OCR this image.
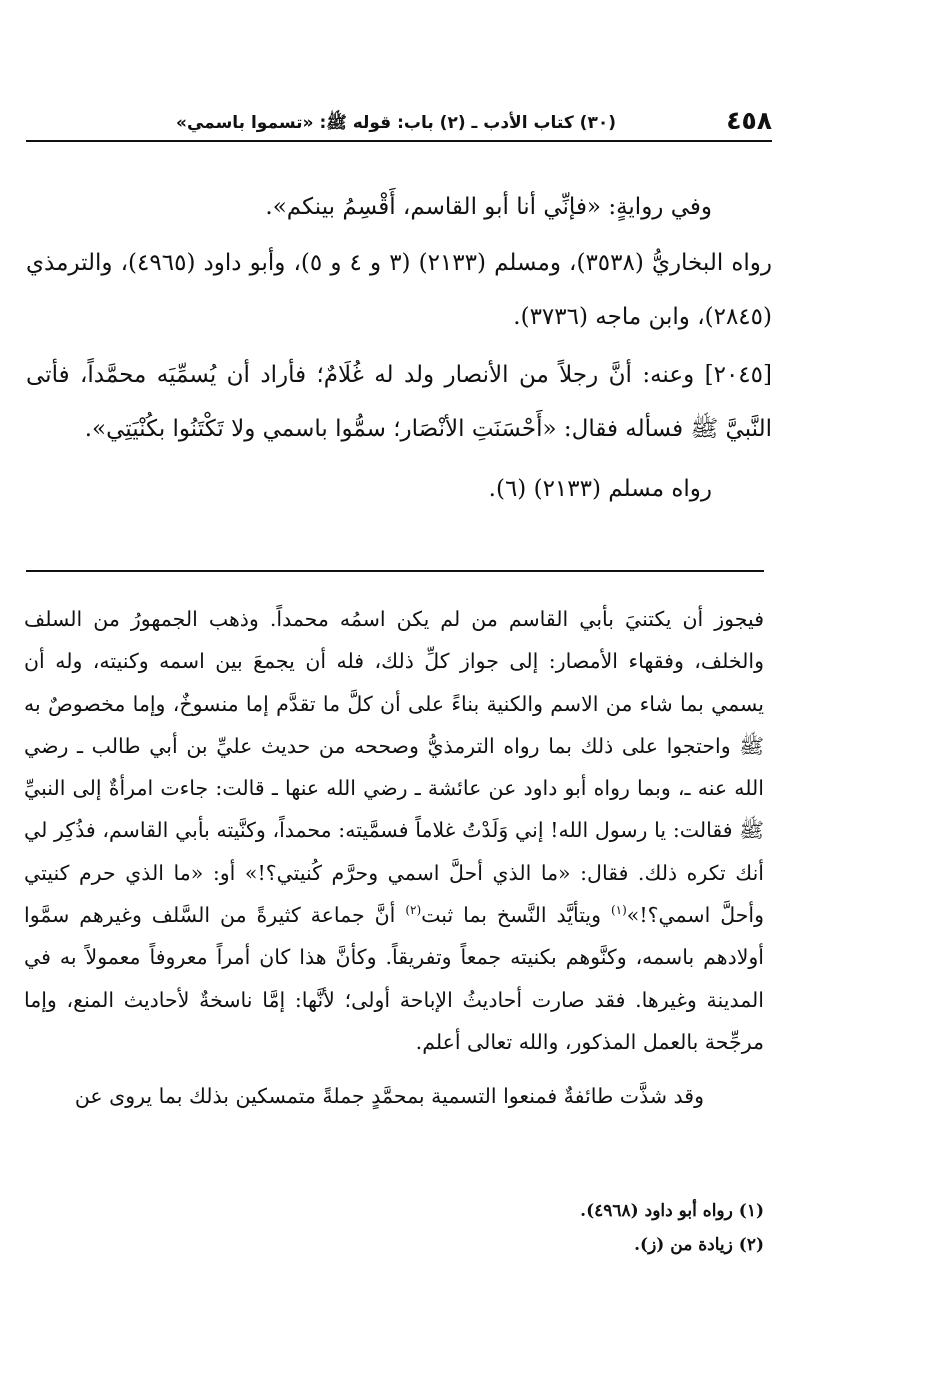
٤٥٨
(٣٠) كتاب الأدب ـ (٢) باب: قوله ﷺ: «تسموا باسمي»

وفي روايةٍ: «فإنِّي أنا أبو القاسم، أَقْسِمُ بينكم».

رواه البخاريُّ (٣٥٣٨)، ومسلم (٢١٣٣) (٣ و ٤ و ٥)، وأبو داود (٤٩٦٥)، والترمذي (٢٨٤٥)، وابن ماجه (٣٧٣٦).

[٢٠٤٥] وعنه: أنَّ رجلاً من الأنصار ولد له غُلَامٌ؛ فأراد أن يُسمِّيَه محمَّداً، فأتى النَّبيَّ ﷺ فسأله فقال: «أَحْسَنَتِ الأنْصَار؛ سمُّوا باسمي ولا تَكْتَنُوا بكُنْيَتِي».

رواه مسلم (٢١٣٣) (٦).

فيجوز أن يكتنيَ بأبي القاسم من لم يكن اسمُه محمداً. وذهب الجمهورُ من السلف والخلف، وفقهاء الأمصار: إلى جواز كلِّ ذلك، فله أن يجمعَ بين اسمه وكنيته، وله أن يسمي بما شاء من الاسم والكنية بناءً على أن كلَّ ما تقدَّم إما منسوخٌ، وإما مخصوصٌ به ﷺ واحتجوا على ذلك بما رواه الترمذيُّ وصححه من حديث عليِّ بن أبي طالب ـ رضي الله عنه ـ، وبما رواه أبو داود عن عائشة ـ رضي الله عنها ـ قالت: جاءت امرأةٌ إلى النبيِّ ﷺ فقالت: يا رسول الله! إني وَلَدْتُ غلاماً فسمَّيته: محمداً، وكنَّيته بأبي القاسم، فذُكِر لي أنك تكره ذلك. فقال: «ما الذي أحلَّ اسمي وحرَّم كُنيتي؟!» أو: «ما الذي حرم كنيتي وأحلَّ اسمي؟!»$^{(١)}$ ويتأيَّد النَّسخ بما ثبت$^{(٢)}$ أنَّ جماعة كثيرةً من السَّلف وغيرهم سمَّوا أولادهم باسمه، وكنَّوهم بكنيته جمعاً وتفريقاً. وكأنَّ هذا كان أمراً معروفاً معمولاً به في المدينة وغيرها. فقد صارت أحاديثُ الإباحة أولى؛ لأنَّها: إمَّا ناسخةٌ لأحاديث المنع، وإما مرجِّحة بالعمل المذكور، والله تعالى أعلم.

وقد شذَّت طائفةٌ فمنعوا التسمية بمحمَّدٍ جملةً متمسكين بذلك بما يروى عن

(١) رواه أبو داود (٤٩٦٨).

(٢) زيادة من (ز).
